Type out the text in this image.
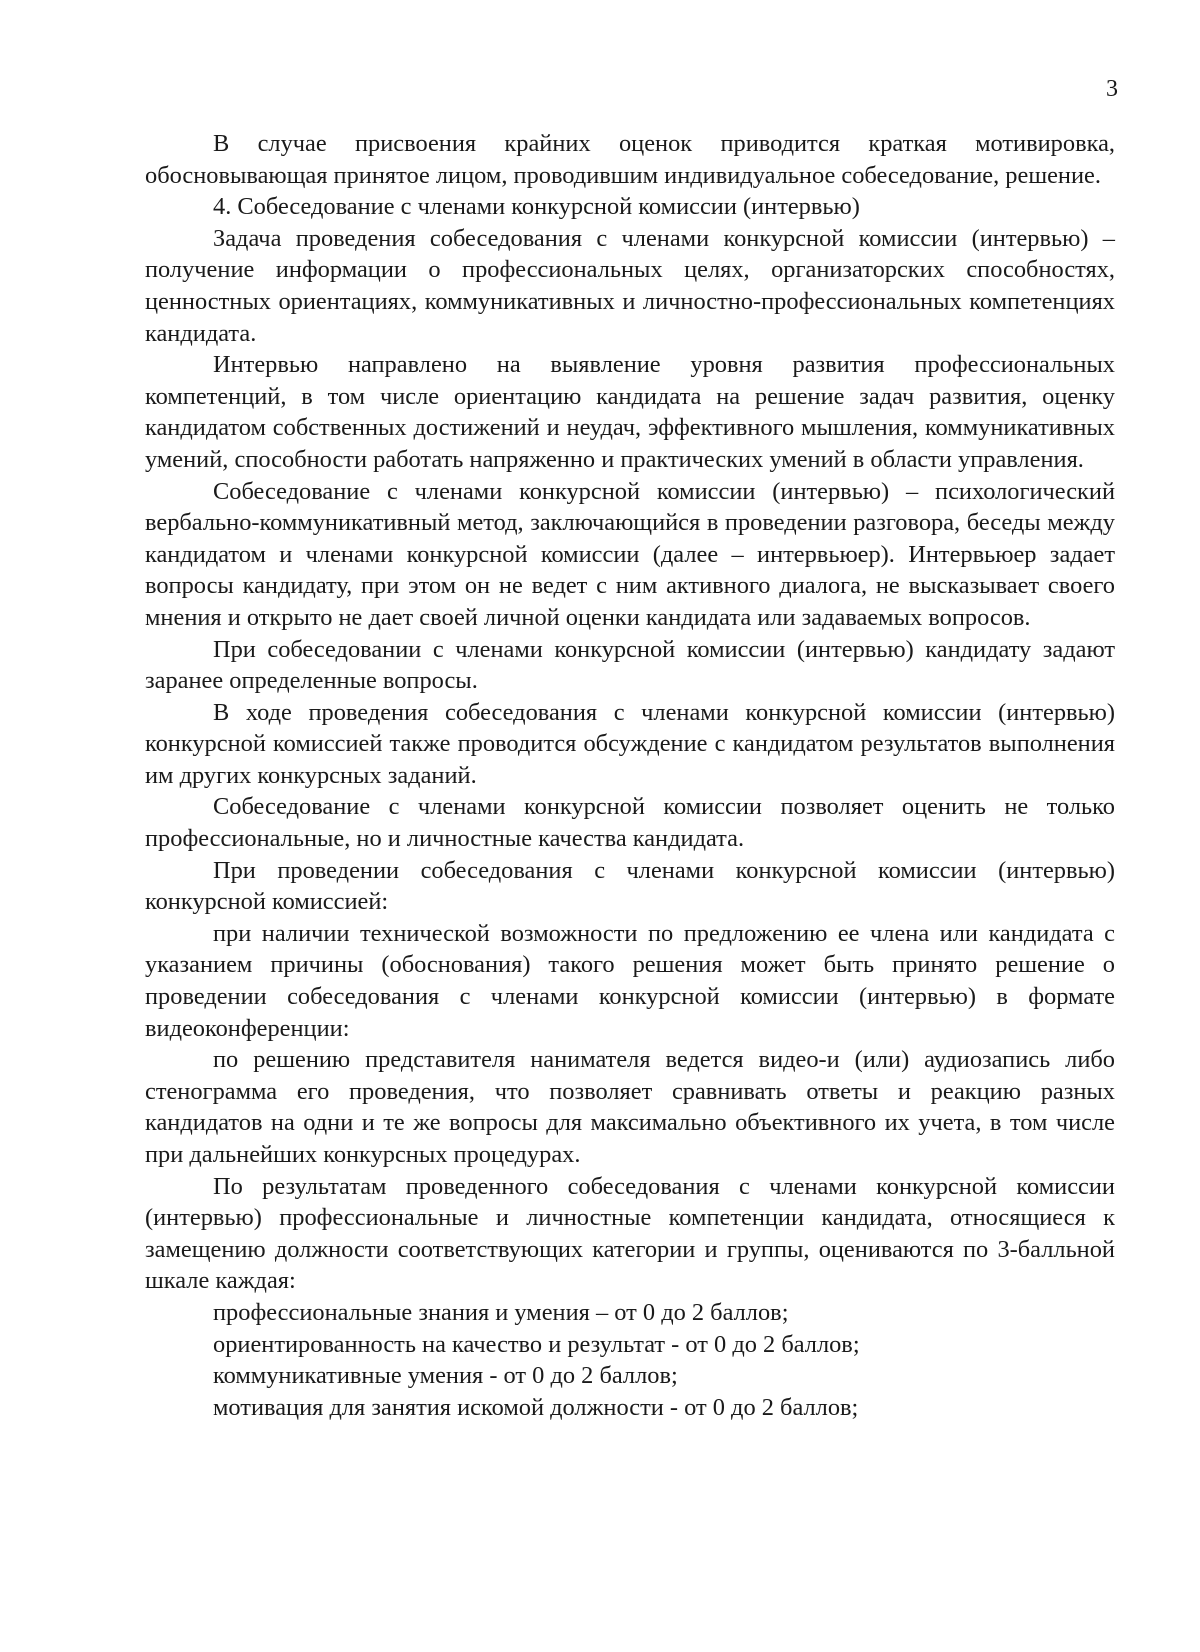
3

В случае присвоения крайних оценок приводится краткая мотивировка, обосновывающая принятое лицом, проводившим индивидуальное собеседование, решение.

4. Собеседование с членами конкурсной комиссии (интервью)

Задача проведения собеседования с членами конкурсной комиссии (интервью) – получение информации о профессиональных целях, организаторских способностях, ценностных ориентациях, коммуникативных и личностно-профессиональных компетенциях кандидата.

Интервью направлено на выявление уровня развития профессиональных компетенций, в том числе ориентацию кандидата на решение задач развития, оценку кандидатом собственных достижений и неудач, эффективного мышления, коммуникативных умений, способности работать напряженно и практических умений в области управления.

Собеседование с членами конкурсной комиссии (интервью) – психологический вербально-коммуникативный метод, заключающийся в проведении разговора, беседы между кандидатом и членами конкурсной комиссии (далее – интервьюер). Интервьюер задает вопросы кандидату, при этом он не ведет с ним активного диалога, не высказывает своего мнения и открыто не дает своей личной оценки кандидата или задаваемых вопросов.

При собеседовании с членами конкурсной комиссии (интервью) кандидату задают заранее определенные вопросы.

В ходе проведения собеседования с членами конкурсной комиссии (интервью) конкурсной комиссией также проводится обсуждение с кандидатом результатов выполнения им других конкурсных заданий.

Собеседование с членами конкурсной комиссии позволяет оценить не только профессиональные, но и личностные качества кандидата.

При проведении собеседования с членами конкурсной комиссии (интервью) конкурсной комиссией:

при наличии технической возможности по предложению ее члена или кандидата с указанием причины (обоснования) такого решения может быть принято решение о проведении собеседования с членами конкурсной комиссии (интервью) в формате видеоконференции:

по решению представителя нанимателя ведется видео-и (или) аудиозапись либо стенограмма его проведения, что позволяет сравнивать ответы и реакцию разных кандидатов на одни и те же вопросы для максимально объективного их учета, в том числе при дальнейших конкурсных процедурах.

По результатам проведенного собеседования с членами конкурсной комиссии (интервью) профессиональные и личностные компетенции кандидата, относящиеся к замещению должности соответствующих категории и группы, оцениваются по 3-балльной шкале каждая:

профессиональные знания и умения – от 0 до 2 баллов;

ориентированность на качество и результат - от 0 до 2 баллов;

коммуникативные умения - от 0 до 2 баллов;

мотивация для занятия искомой должности - от 0 до 2 баллов;
